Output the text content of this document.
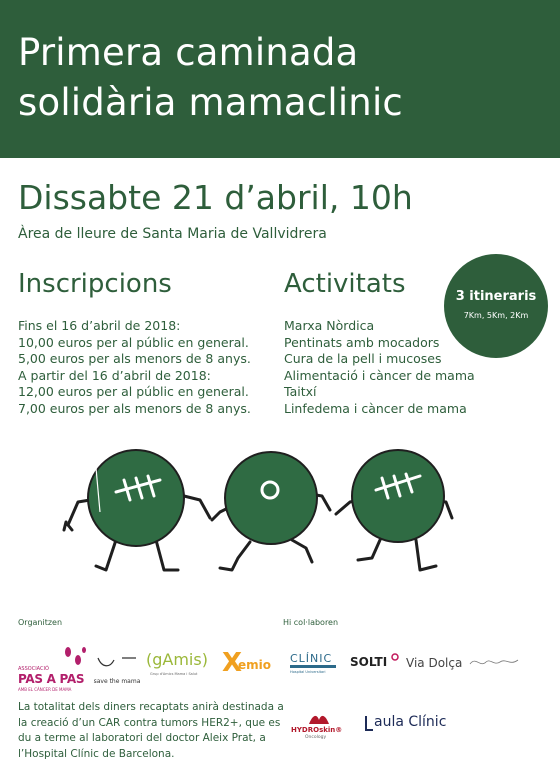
Primera caminada
solidària mamaclinic
Dissabte 21 d’abril, 10h
Àrea de lleure de Santa Maria de Vallvidrera
Inscripcions
Fins el 16 d’abril de 2018:
10,00 euros per al públic en general.
5,00 euros per als menors de 8 anys.
A partir del 16 d’abril de 2018:
12,00 euros per al públic en general.
7,00 euros per als menors de 8 anys.
Activitats
Marxa Nòrdica
Pentinats amb mocadors
Cura de la pell i mucoses
Alimentació i càncer de mama
Taitxí
Linfedema i càncer de mama
3 itineraris
7Km, 5Km, 2Km
Organitzen	Hi col·laboren
ASSOCIACIÓ
PAS A PAS
AMB EL CÀNCER DE MAMA
save the mama
(gAmis)
Grup d'Amics Mama i Salut X
emio CLÍNIC
Hospital Universitari
SOLTI Via Dolça
HYDROskin®
Oncology
aula Clínic
La totalitat dels diners recaptats anirà destinada a la creació d’un CAR contra tumors HER2+, que es du a terme al laboratori del doctor Aleix Prat, a l’Hospital Clínic de Barcelona.
